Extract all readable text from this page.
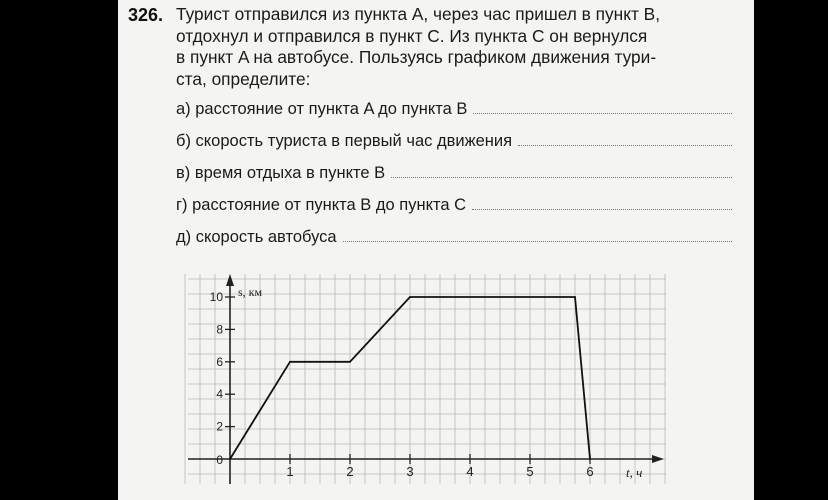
326. Турист отправился из пункта A, через час пришел в пункт B,
отдохнул и отправился в пункт C. Из пункта C он вернулся
в пункт A на автобусе. Пользуясь графиком движения тури-
ста, определите:
а) расстояние от пункта A до пункта B
б) скорость туриста в первый час движения
в) время отдыха в пункте B
г) расстояние от пункта B до пункта C
д) скорость автобуса
s, км
t, ч
1	2	3	4	5	6
2
4
6
8
10
0
